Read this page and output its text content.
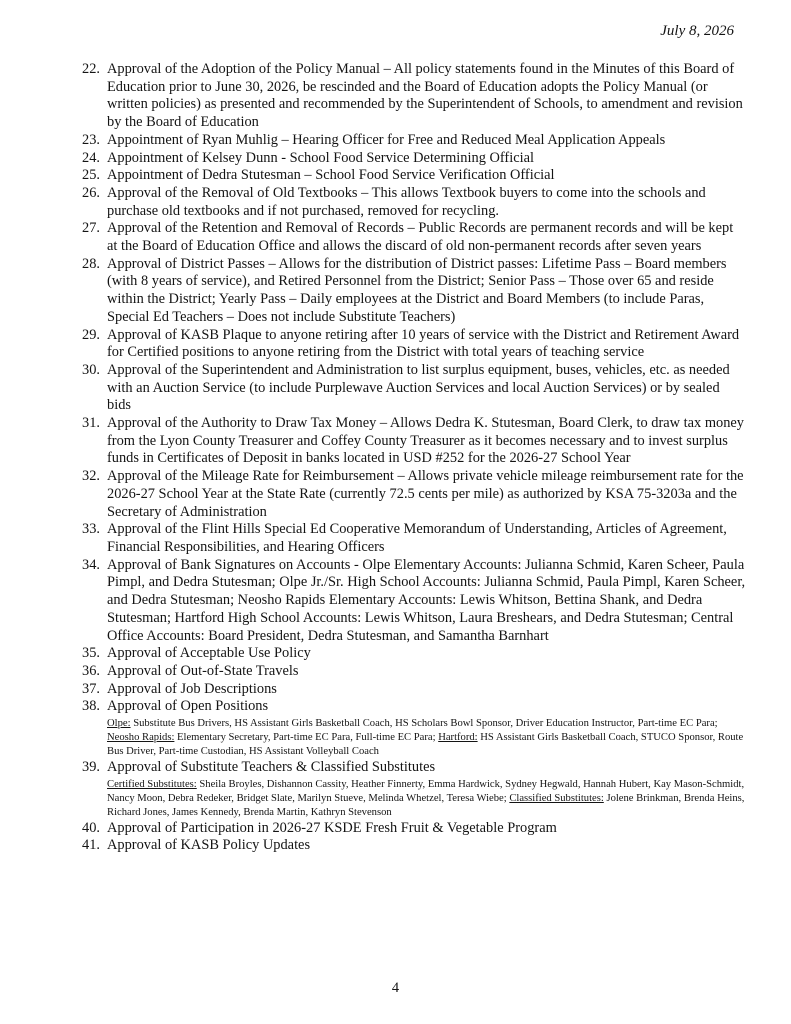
July 8, 2026
22. Approval of the Adoption of the Policy Manual – All policy statements found in the Minutes of this Board of Education prior to June 30, 2026, be rescinded and the Board of Education adopts the Policy Manual (or written policies) as presented and recommended by the Superintendent of Schools, to amendment and revision by the Board of Education
23. Appointment of Ryan Muhlig – Hearing Officer for Free and Reduced Meal Application Appeals
24. Appointment of Kelsey Dunn - School Food Service Determining Official
25. Appointment of Dedra Stutesman – School Food Service Verification Official
26. Approval of the Removal of Old Textbooks – This allows Textbook buyers to come into the schools and purchase old textbooks and if not purchased, removed for recycling.
27. Approval of the Retention and Removal of Records – Public Records are permanent records and will be kept at the Board of Education Office and allows the discard of old non-permanent records after seven years
28. Approval of District Passes – Allows for the distribution of District passes: Lifetime Pass – Board members (with 8 years of service), and Retired Personnel from the District; Senior Pass – Those over 65 and reside within the District; Yearly Pass – Daily employees at the District and Board Members (to include Paras, Special Ed Teachers – Does not include Substitute Teachers)
29. Approval of KASB Plaque to anyone retiring after 10 years of service with the District and Retirement Award for Certified positions to anyone retiring from the District with total years of teaching service
30. Approval of the Superintendent and Administration to list surplus equipment, buses, vehicles, etc. as needed with an Auction Service (to include Purplewave Auction Services and local Auction Services) or by sealed bids
31. Approval of the Authority to Draw Tax Money – Allows Dedra K. Stutesman, Board Clerk, to draw tax money from the Lyon County Treasurer and Coffey County Treasurer as it becomes necessary and to invest surplus funds in Certificates of Deposit in banks located in USD #252 for the 2026-27 School Year
32. Approval of the Mileage Rate for Reimbursement – Allows private vehicle mileage reimbursement rate for the 2026-27 School Year at the State Rate (currently 72.5 cents per mile) as authorized by KSA 75-3203a and the Secretary of Administration
33. Approval of the Flint Hills Special Ed Cooperative Memorandum of Understanding, Articles of Agreement, Financial Responsibilities, and Hearing Officers
34. Approval of Bank Signatures on Accounts - Olpe Elementary Accounts: Julianna Schmid, Karen Scheer, Paula Pimpl, and Dedra Stutesman; Olpe Jr./Sr. High School Accounts: Julianna Schmid, Paula Pimpl, Karen Scheer, and Dedra Stutesman; Neosho Rapids Elementary Accounts: Lewis Whitson, Bettina Shank, and Dedra Stutesman; Hartford High School Accounts: Lewis Whitson, Laura Breshears, and Dedra Stutesman; Central Office Accounts: Board President, Dedra Stutesman, and Samantha Barnhart
35. Approval of Acceptable Use Policy
36. Approval of Out-of-State Travels
37. Approval of Job Descriptions
38. Approval of Open Positions
Olpe: Substitute Bus Drivers, HS Assistant Girls Basketball Coach, HS Scholars Bowl Sponsor, Driver Education Instructor, Part-time EC Para; Neosho Rapids: Elementary Secretary, Part-time EC Para, Full-time EC Para; Hartford: HS Assistant Girls Basketball Coach, STUCO Sponsor, Route Bus Driver, Part-time Custodian, HS Assistant Volleyball Coach
39. Approval of Substitute Teachers & Classified Substitutes
Certified Substitutes: Sheila Broyles, Dishannon Cassity, Heather Finnerty, Emma Hardwick, Sydney Hegwald, Hannah Hubert, Kay Mason-Schmidt, Nancy Moon, Debra Redeker, Bridget Slate, Marilyn Stueve, Melinda Whetzel, Teresa Wiebe; Classified Substitutes: Jolene Brinkman, Brenda Heins, Richard Jones, James Kennedy, Brenda Martin, Kathryn Stevenson
40. Approval of Participation in 2026-27 KSDE Fresh Fruit & Vegetable Program
41. Approval of KASB Policy Updates
4
